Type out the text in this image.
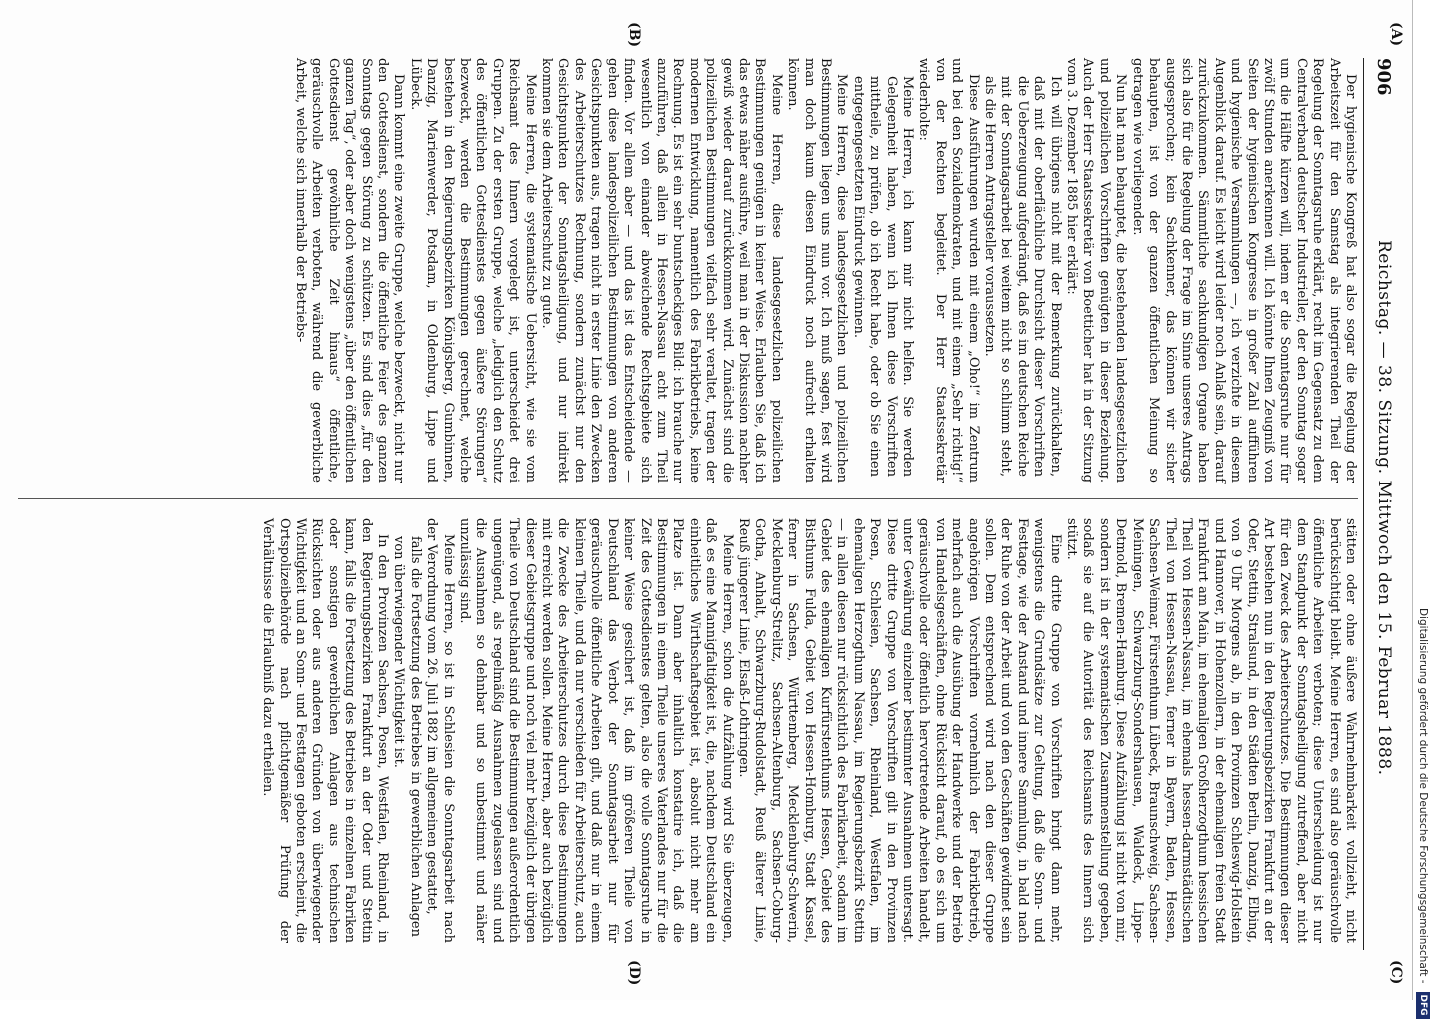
(A)
(B)
(C)
(D)
906
Reichstag. — 38. Sitzung. Mittwoch den 15. Februar 1888.

Der hygienische Kongreß hat also sogar die Regelung der Arbeitszeit für den Samstag als integrierenden Theil der Regelung der Sonntagsruhe erklärt, recht im Gegensatz zu dem Centralverband deutscher Industrieller, der den Sonntag sogar um die Hälfte kürzen will, indem er die Sonntagsruhe nur für zwölf Stunden anerkennen will. Ich könnte Ihnen Zeugniß von Seiten der hygienischen Kongresse in großer Zahl aufführen und hygienische Versammlungen —, ich verzichte in diesem Augenblick darauf. Es leicht wird leider noch Anlaß sein, darauf zurückzukommen. Sämmtliche sachkundigen Organe haben sich also für die Regelung der Frage im Sinne unseres Antrags ausgesprochen; kein Sachkenner, das können wir sicher behaupten, ist von der ganzen öffentlichen Meinung so getragen wie vorliegender.

Nun hat man behauptet, die bestehenden landesgesetzlichen und polizeilichen Vorschriften genügten in dieser Beziehung. Auch der Herr Staatssekretär von Boetticher hat in der Sitzung vom 3. Dezember 1885 hier erklärt:

Ich will übrigens nicht mit der Bemerkung zurückhalten, daß mit der oberflächliche Durchsicht dieser Vorschriften die Ueberzeugung aufgedrängt, daß es im deutschen Reiche mit der Sonntagsarbeit bei weitem nicht so schlimm steht, als die Herren Antragsteller voraussetzen.

Diese Ausführungen wurden mit einem „Oho!“ im Zentrum und bei den Sozialdemokraten, und mit einem „Sehr richtig!“ von der Rechten begleitet. Der Herr Staatssekretär wiederholte:

Meine Herren, ich kann mir nicht helfen. Sie werden Gelegenheit haben, wenn ich Ihnen diese Vorschriften mittheile, zu prüfen, ob ich Recht habe, oder ob Sie einen entgegengesetzten Eindruck gewinnen.

Meine Herren, diese landesgesetzlichen und polizeilichen Bestimmungen liegen uns nun vor. Ich muß sagen, fest wird man doch kaum diesen Eindruck noch aufrecht erhalten können.

Meine Herren, diese landesgesetzlichen polizeilichen Bestimmungen genügen in keiner Weise. Erlauben Sie, daß ich das etwas näher ausführe, weil man in der Diskussion nachher gewiß wieder darauf zurückkommen wird. Zunächst sind die polizeilichen Bestimmungen vielfach sehr veraltet, tragen der modernen Entwicklung, namentlich des Fabrikbetriebs, keine Rechnung. Es ist ein sehr buntscheckiges Bild: ich brauche nur anzuführen, daß allein in Hessen-Nassau acht zum Theil wesentlich von einander abweichende Rechtsgebiete sich finden. Vor allem aber — und das ist das Entscheidende — gehen diese landespolizeilichen Bestimmungen von anderen Gesichtspunkten aus, tragen nicht in erster Linie den Zwecken des Arbeiterschutzes Rechnung, sondern zunächst nur den Gesichtspunkten der Sonntagsheiligung, und nur indirekt kommen sie dem Arbeiterschutz zu gute.

Meine Herren, die systematische Uebersicht, wie sie vom Reichsamt des Innern vorgelegt ist, unterscheidet drei Gruppen. Zu der ersten Gruppe, welche „lediglich den Schutz des öffentlichen Gottesdienstes gegen äußere Störungen“ bezweckt, werden die Bestimmungen gerechnet, welche bestehen in den Regierungsbezirken Königsberg, Gumbinnen, Danzig, Marienwerder, Potsdam, in Oldenburg, Lippe und Lübeck.

Dann kommt eine zweite Gruppe, welche bezweckt, nicht nur den Gottesdienst, sondern die öffentliche Feier des ganzen Sonntags gegen Störung zu schützen. Es sind dies „für den ganzen Tag“, oder aber doch wenigstens „über den öffentlichen Gottesdienst gewöhnliche Zeit hinaus“ öffentliche, geräuschvolle Arbeiten verboten, während die gewerbliche Arbeit, welche sich innerhalb der Betriebs-

stätten oder ohne äußere Wahrnehmbarkeit vollzieht, nicht berücksichtigt bleibt. Meine Herren, es sind also geräuschvolle öffentliche Arbeiten verboten; diese Unterscheidung ist nur dem Standpunkt der Sonntagsheiligung zutreffend, aber nicht für den Zweck des Arbeiterschutzes. Die Bestimmungen dieser Art bestehen nun in den Regierungsbezirken Frankfurt an der Oder, Stettin, Stralsund, in den Städten Berlin, Danzig, Elbing, von 9 Uhr Morgens ab, in den Provinzen Schleswig-Holstein und Hannover, in Hohenzollern, in der ehemaligen freien Stadt Frankfurt am Main, im ehemaligen Großherzogthum hessischen Theil von Hessen-Nassau, im ehemals hessen-darmstädtischen Theil von Hessen-Nassau, ferner in Bayern, Baden, Hessen, Sachsen-Weimar, Fürstenthum Lübeck, Braunschweig, Sachsen-Meiningen, Schwarzburg-Sondershausen, Waldeck, Lippe-Detmold, Bremen-Hamburg. Diese Aufzählung ist nicht von mir, sondern ist in der systematischen Zusammenstellung gegeben, sodaß sie auf die Autorität des Reichsamts des Innern sich stützt.

Eine dritte Gruppe von Vorschriften bringt dann mehr, wenigstens die Grundsätze zur Geltung, daß die Sonn- und Festtage, wie der Anstand und innere Sammlung, in bald nach der Ruhe von der Arbeit und von den Geschäften gewidmet sein sollen. Dem entsprechend wird nach den dieser Gruppe angehörigen Vorschriften vornehmlich der Fabrikbetrieb, mehrfach auch die Ausübung der Handwerke und der Betrieb von Handelsgeschäften, ohne Rücksicht darauf, ob es sich um geräuschvolle oder öffentlich hervortretende Arbeiten handelt, unter Gewährung einzelner bestimmter Ausnahmen untersagt. Diese dritte Gruppe von Vorschriften gilt in den Provinzen Posen, Schlesien, Sachsen, Rheinland, Westfalen, im ehemaligen Herzogthum Nassau, im Regierungsbezirk Stettin — in allen diesen nur rücksichtlich des Fabrikarbeit, sodann im Gebiet des ehemaligen Kurfürstenthums Hessen, Gebiet des Bisthums Fulda, Gebiet von Hessen-Homburg, Stadt Kassel, ferner in Sachsen, Württemberg, Mecklenburg-Schwerin, Mecklenburg-Strelitz, Sachsen-Altenburg, Sachsen-Coburg-Gotha, Anhalt, Schwarzburg-Rudolstadt, Reuß älterer Linie, Reuß jüngerer Linie, Elsaß-Lothringen.

Meine Herren, schon die Aufzählung wird Sie überzeugen, daß es eine Mannigfaltigkeit ist, die, nachdem Deutschland ein einheitliches Wirthschaftsgebiet ist, absolut nicht mehr am Platze ist. Dann aber inhaltlich konstatire ich, daß die Bestimmungen in einem Theile unseres Vaterlandes nur für die Zeit des Gottesdienstes gelten, also die volle Sonntagsruhe in keiner Weise gesichert ist, daß im größeren Theile von Deutschland das Verbot der Sonntagsarbeit nur für geräuschvolle öffentliche Arbeiten gilt, und daß nur in einem kleinen Theile, und da nur verschieden für Arbeiterschutz, auch die Zwecke des Arbeiterschutzes durch diese Bestimmungen mit erreicht werden sollen. Meine Herren, aber auch bezüglich dieser Gebietsgruppe und noch viel mehr bezüglich der übrigen Theile von Deutschland sind die Bestimmungen außerordentlich ungenügend, als regelmäßig Ausnahmen zugelassen sind und die Ausnahmen so dehnbar und so unbestimmt und näher unzulässig sind.

Meine Herren, so ist in Schlesien die Sonntagsarbeit nach der Verordnung vom 26. Juli 1882 im allgemeinen gestattet,

falls die Fortsetzung des Betriebes in gewerblichen Anlagen von überwiegender Wichtigkeit ist.

In den Provinzen Sachsen, Posen, Westfalen, Rheinland, in den Regierungsbezirken Frankfurt an der Oder und Stettin kann, falls die Fortsetzung des Betriebes in einzelnen Fabriken oder sonstigen gewerblichen Anlagen aus technischen Rücksichten oder aus anderen Gründen von überwiegender Wichtigkeit und an Sonn- und Festtagen geboten erscheint, die Ortspolizeibehörde nach pflichtgemäßer Prüfung der Verhältnisse die Erlaubniß dazu ertheilen.	Digitalisierung gefördert durch die Deutsche Forschungsgemeinschaft -
DFG
